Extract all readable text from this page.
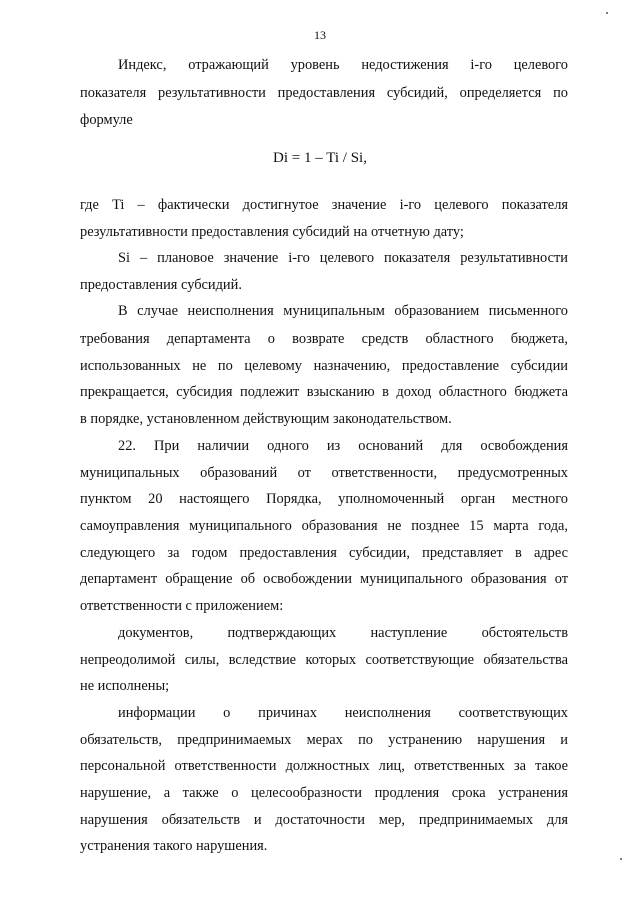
13
Индекс, отражающий уровень недостижения i-го целевого
показателя результативности предоставления субсидий, определяется по
формуле
Di = 1 – Ti / Si,
где Ti – фактически достигнутое значение i-го целевого показателя
результативности предоставления субсидий на отчетную дату;
Si – плановое значение i-го целевого показателя результативности
предоставления субсидий.
В случае неисполнения муниципальным образованием письменного
требования департамента о возврате средств областного бюджета,
использованных не по целевому назначению, предоставление субсидии
прекращается, субсидия подлежит взысканию в доход областного бюджета
в порядке, установленном действующим законодательством.
22. При наличии одного из оснований для освобождения
муниципальных образований от ответственности, предусмотренных
пунктом 20 настоящего Порядка, уполномоченный орган местного
самоуправления муниципального образования не позднее 15 марта года,
следующего за годом предоставления субсидии, представляет в адрес
департамент обращение об освобождении муниципального образования от
ответственности с приложением:
документов, подтверждающих наступление обстоятельств
непреодолимой силы, вследствие которых соответствующие обязательства
не исполнены;
информации о причинах неисполнения соответствующих
обязательств, предпринимаемых мерах по устранению нарушения и
персональной ответственности должностных лиц, ответственных за такое
нарушение, а также о целесообразности продления срока устранения
нарушения обязательств и достаточности мер, предпринимаемых для
устранения такого нарушения.
